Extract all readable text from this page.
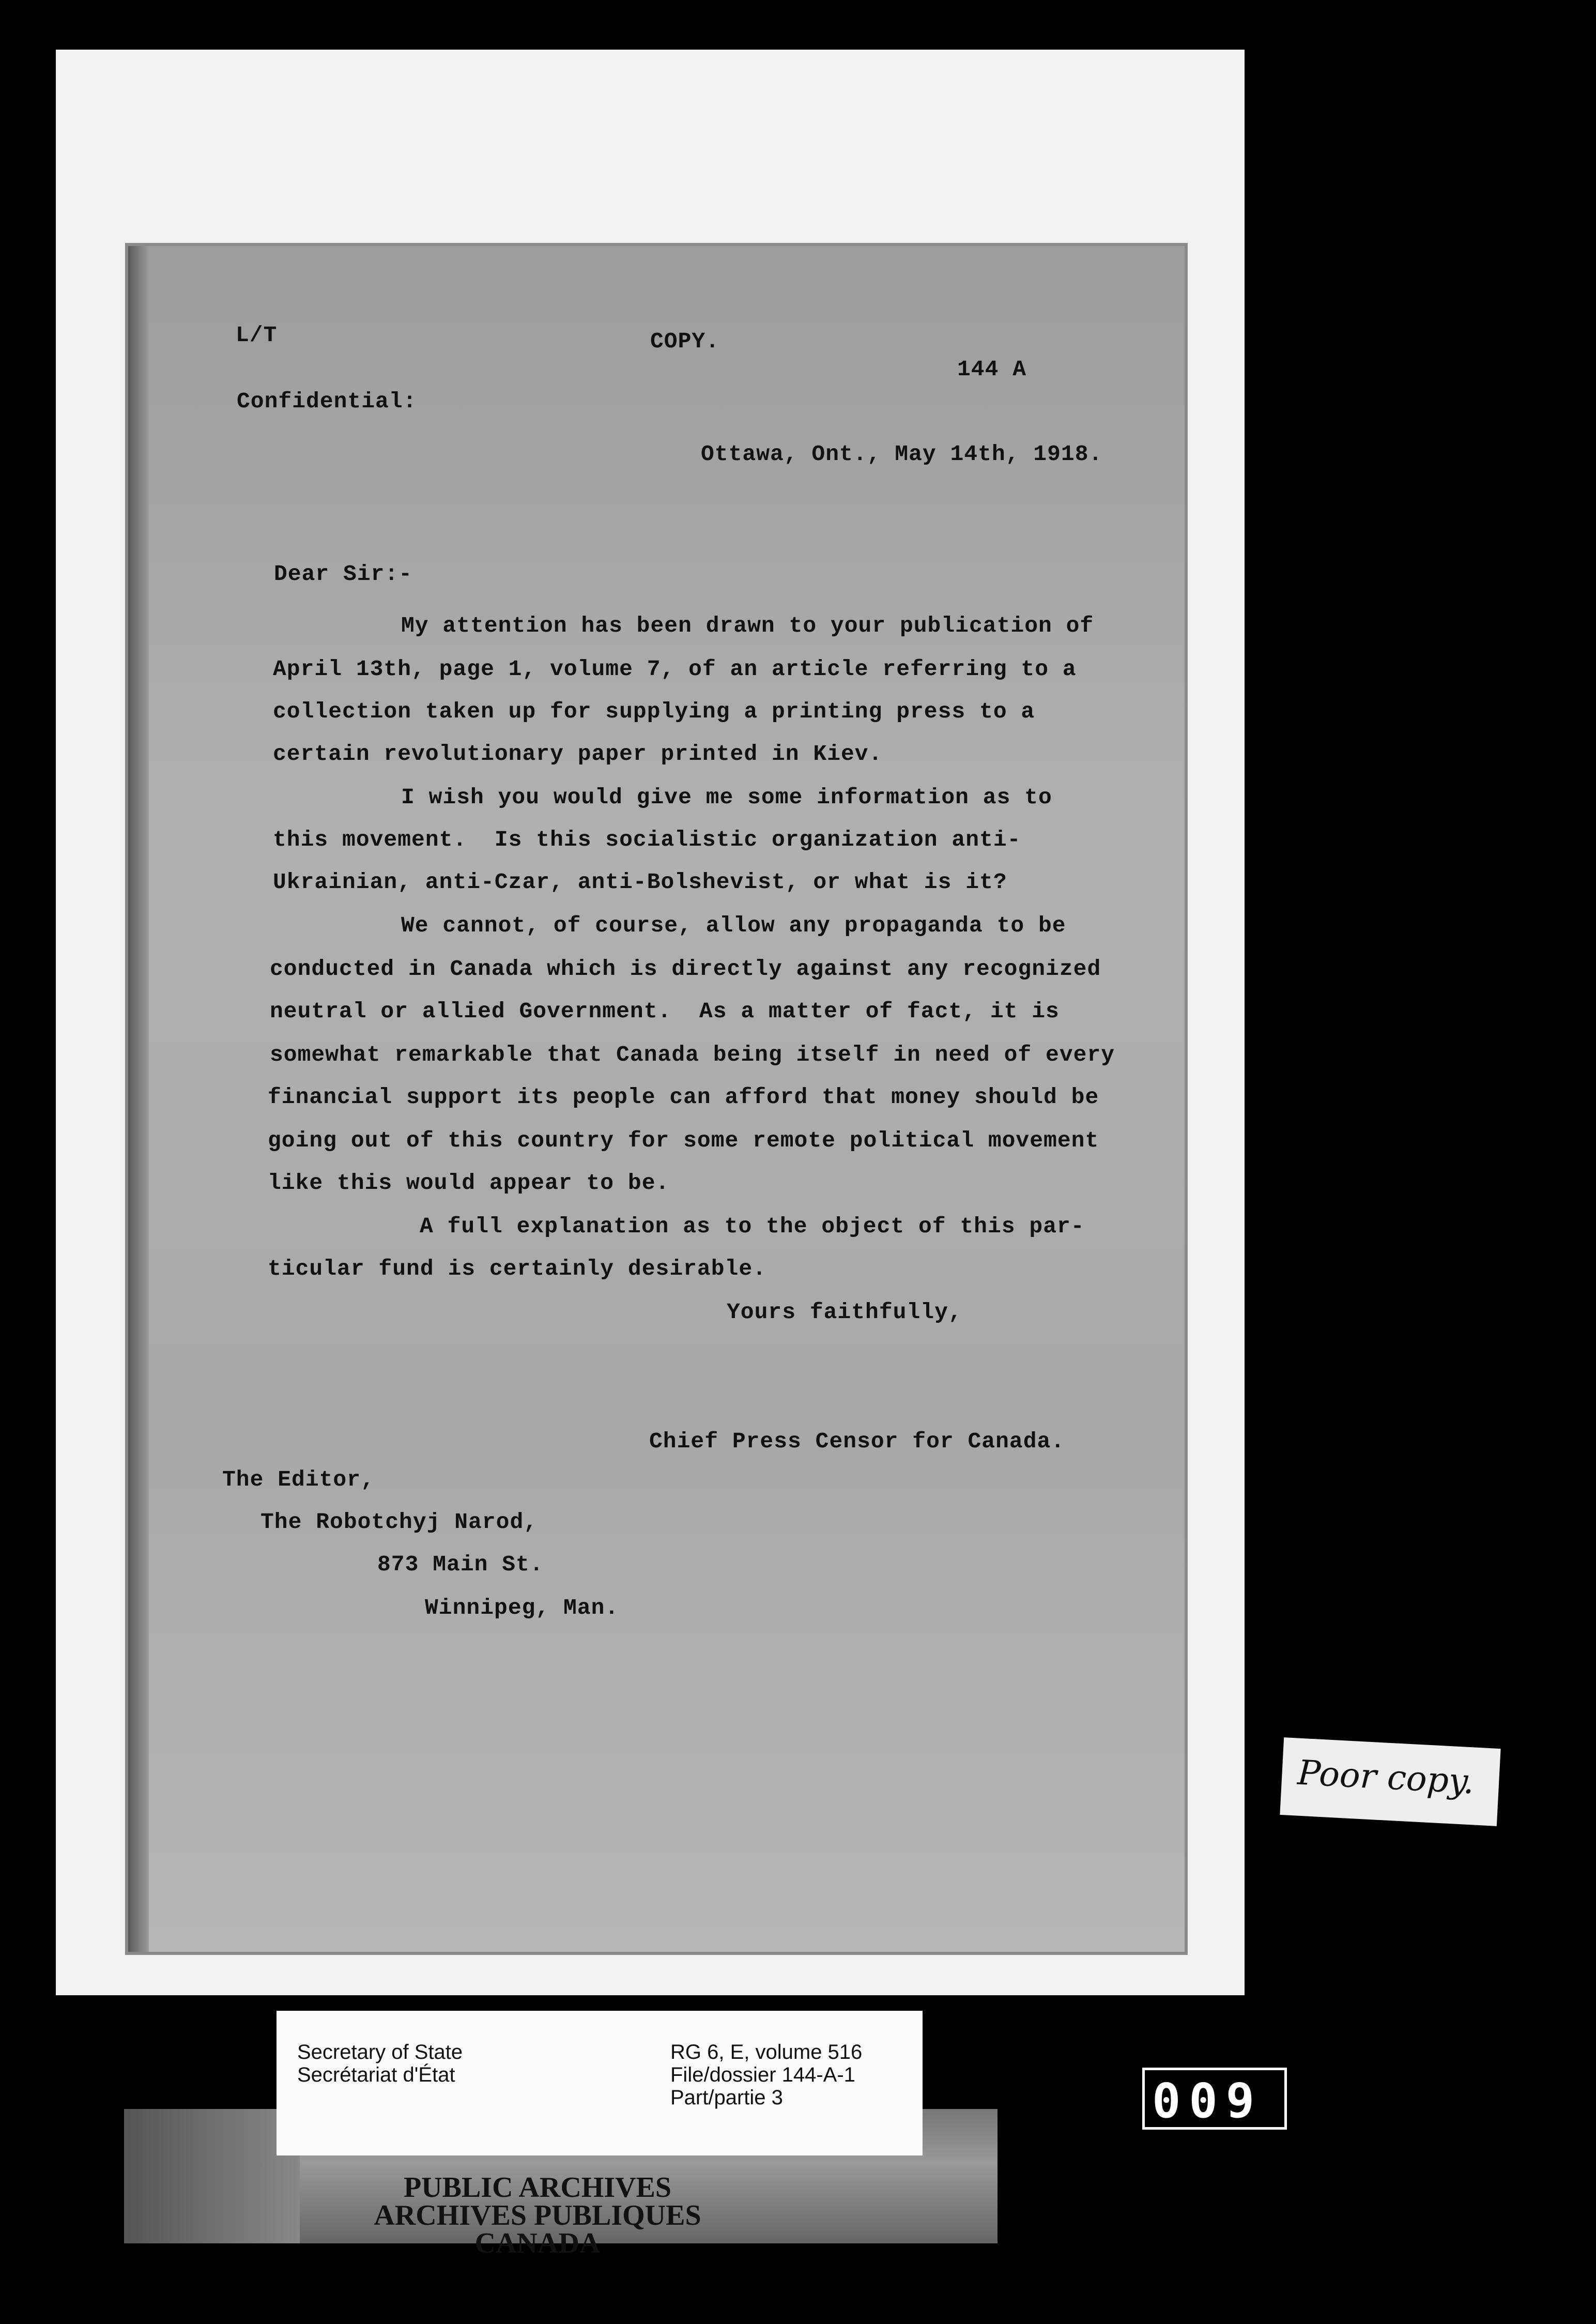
L/T	COPY.
144 A
Confidential:
Ottawa, Ont., May 14th, 1918.
Dear Sir:-
My attention has been drawn to your publication of
April 13th, page 1, volume 7, of an article referring to a
collection taken up for supplying a printing press to a
certain revolutionary paper printed in Kiev.
I wish you would give me some information as to
this movement.  Is this socialistic organization anti-
Ukrainian, anti-Czar, anti-Bolshevist, or what is it?
We cannot, of course, allow any propaganda to be
conducted in Canada which is directly against any recognized
neutral or allied Government.  As a matter of fact, it is
somewhat remarkable that Canada being itself in need of every
financial support its people can afford that money should be
going out of this country for some remote political movement
like this would appear to be.
A full explanation as to the object of this par-
ticular fund is certainly desirable.
Yours faithfully,
Chief Press Censor for Canada.
The Editor,
The Robotchyj Narod,
873 Main St.
Winnipeg, Man.
Poor copy.
Secretary of State
Secrétariat d'État
RG 6, E, volume 516
File/dossier 144-A-1
Part/partie 3
PUBLIC ARCHIVES
ARCHIVES PUBLIQUES
CANADA
009
